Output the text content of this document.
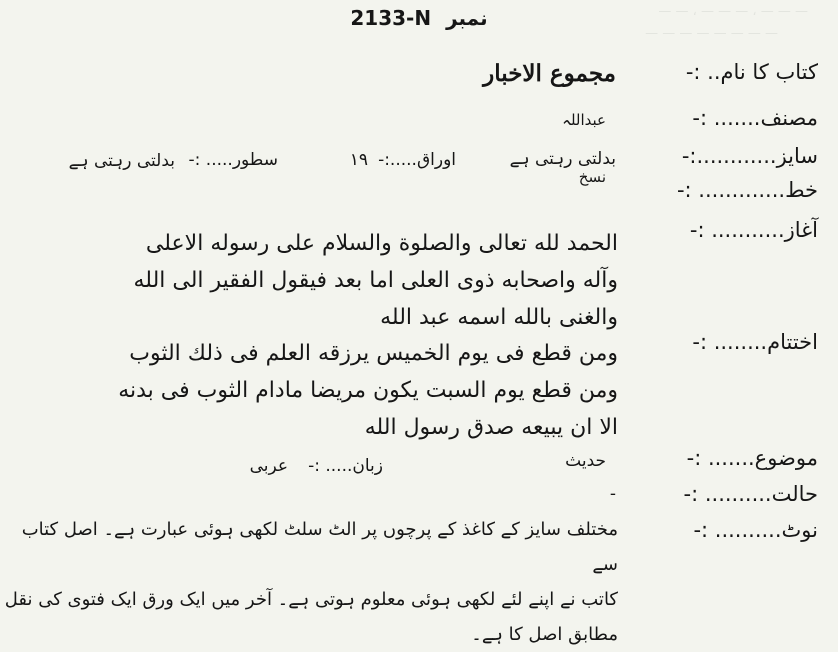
— — — ، — — — ، — —
— — — — — — — —
2133-N نمبر
کتاب کا نام.. :-
مجموع الاخبار
مصنف....... :-
عبداللہ
سایز............:-
بدلتی رہتی ہے
اوراق.....:-
١٩
سطور..... :-
بدلتی رہتی ہے
خط............. :-
نسخ
آغاز........... :-
الحمد لله تعالى والصلوة والسلام على رسوله الاعلى
وآله واصحابه ذوى العلى اما بعد فيقول الفقير الى الله
والغنى بالله اسمه عبد الله
اختتام........ :-
ومن قطع فى يوم الخميس يرزقه العلم فى ذلك الثوب
ومن قطع يوم السبت يكون مريضا مادام الثوب فى بدنه
الا ان يبيعه صدق رسول الله
موضوع....... :-
حدیث
زبان..... :-
عربی
حالت.......... :-
-
نوٹ.......... :-
مختلف سایز کے کاغذ کے پرچوں پر الٹ سلٹ لکھی ہوئی عبارت ہے۔ اصل کتاب سے
کاتب نے اپنے لئے لکھی ہوئی معلوم ہوتی ہے۔ آخر میں ایک ورق ایک فتوی کی نقل
مطابق اصل کا ہے۔
